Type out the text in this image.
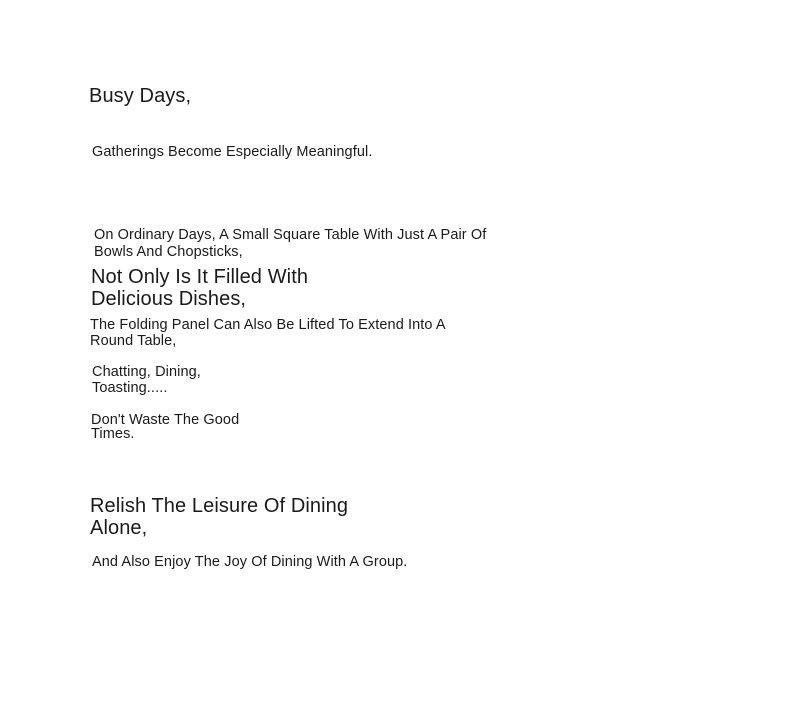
Busy Days,

Gatherings Become Especially Meaningful.

On Ordinary Days, A Small Square Table With Just A Pair Of Bowls And Chopsticks,

Not Only Is It Filled With Delicious Dishes,

The Folding Panel Can Also Be Lifted To Extend Into A Round Table,

Chatting, Dining, Toasting.....

Don't Waste The Good Times.

Relish The Leisure Of Dining Alone,

And Also Enjoy The Joy Of Dining With A Group.
